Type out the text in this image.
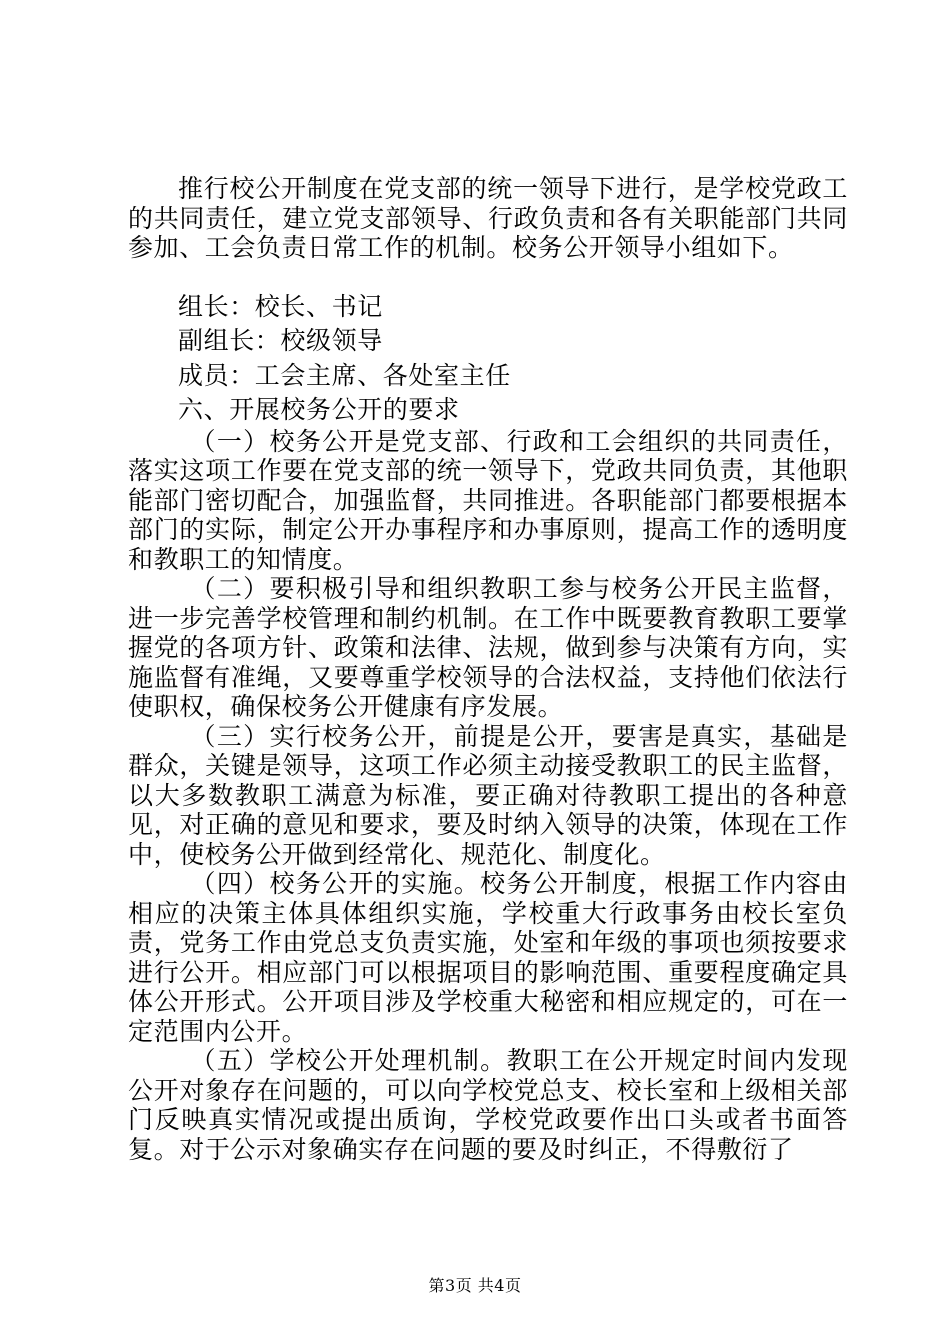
推行校公开制度在党支部的统一领导下进行，是学校党政工的共同责任，建立党支部领导、行政负责和各有关职能部门共同参加、工会负责日常工作的机制。校务公开领导小组如下。

组长：校长、书记

副组长：校级领导

成员：工会主席、各处室主任

六、开展校务公开的要求

（一）校务公开是党支部、行政和工会组织的共同责任，落实这项工作要在党支部的统一领导下，党政共同负责，其他职能部门密切配合，加强监督，共同推进。各职能部门都要根据本部门的实际，制定公开办事程序和办事原则，提高工作的透明度和教职工的知情度。

（二）要积极引导和组织教职工参与校务公开民主监督，进一步完善学校管理和制约机制。在工作中既要教育教职工要掌握党的各项方针、政策和法律、法规，做到参与决策有方向，实施监督有准绳，又要尊重学校领导的合法权益，支持他们依法行使职权，确保校务公开健康有序发展。

（三）实行校务公开，前提是公开，要害是真实，基础是群众，关键是领导，这项工作必须主动接受教职工的民主监督，以大多数教职工满意为标准，要正确对待教职工提出的各种意见，对正确的意见和要求，要及时纳入领导的决策，体现在工作中，使校务公开做到经常化、规范化、制度化。

（四）校务公开的实施。校务公开制度，根据工作内容由相应的决策主体具体组织实施，学校重大行政事务由校长室负责，党务工作由党总支负责实施，处室和年级的事项也须按要求进行公开。相应部门可以根据项目的影响范围、重要程度确定具体公开形式。公开项目涉及学校重大秘密和相应规定的，可在一定范围内公开。

（五）学校公开处理机制。教职工在公开规定时间内发现公开对象存在问题的，可以向学校党总支、校长室和上级相关部门反映真实情况或提出质询，学校党政要作出口头或者书面答复。对于公示对象确实存在问题的要及时纠正，不得敷衍了

第3页 共4页
